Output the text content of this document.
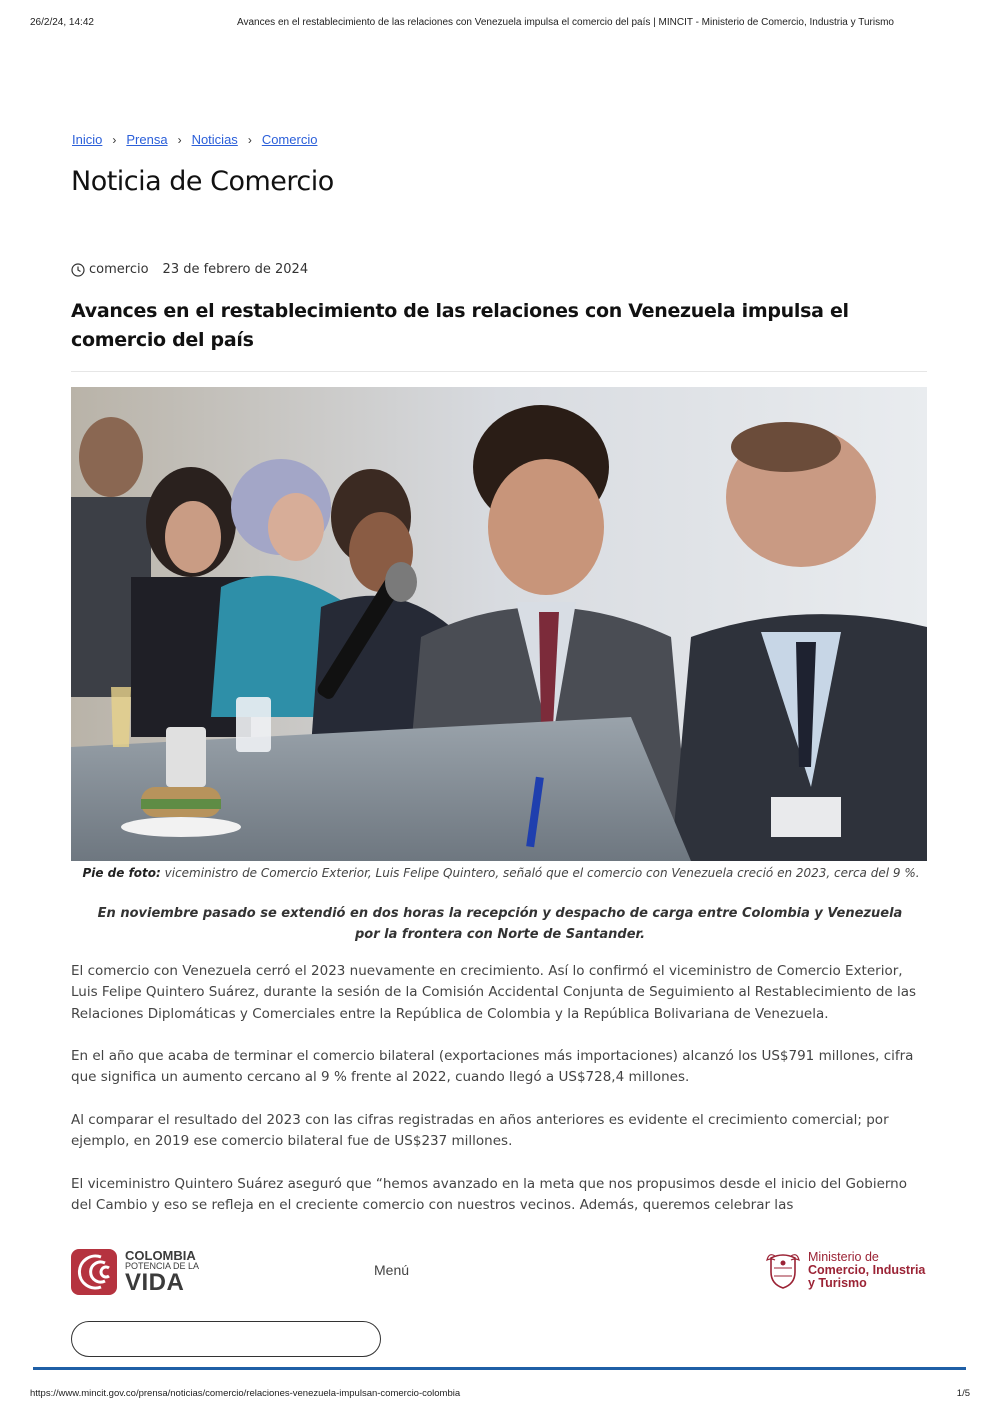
26/2/24, 14:42	Avances en el restablecimiento de las relaciones con Venezuela impulsa el comercio del país | MINCIT - Ministerio de Comercio, Industria y Turismo
Inicio › Prensa › Noticias › Comercio
Noticia de Comercio
comercio 23 de febrero de 2024
Avances en el restablecimiento de las relaciones con Venezuela impulsa el comercio del país
Pie de foto: viceministro de Comercio Exterior, Luis Felipe Quintero, señaló que el comercio con Venezuela creció en 2023, cerca del 9 %.

En noviembre pasado se extendió en dos horas la recepción y despacho de carga entre Colombia y Venezuela por la frontera con Norte de Santander.

El comercio con Venezuela cerró el 2023 nuevamente en crecimiento. Así lo confirmó el viceministro de Comercio Exterior, Luis Felipe Quintero Suárez, durante la sesión de la Comisión Accidental Conjunta de Seguimiento al Restablecimiento de las Relaciones Diplomáticas y Comerciales entre la República de Colombia y la República Bolivariana de Venezuela.

En el año que acaba de terminar el comercio bilateral (exportaciones más importaciones) alcanzó los US$791 millones, cifra que significa un aumento cercano al 9 % frente al 2022, cuando llegó a US$728,4 millones.

Al comparar el resultado del 2023 con las cifras registradas en años anteriores es evidente el crecimiento comercial; por ejemplo, en 2019 ese comercio bilateral fue de US$237 millones.

El viceministro Quintero Suárez aseguró que “hemos avanzado en la meta que nos propusimos desde el inicio del Gobierno del Cambio y eso se refleja en el creciente comercio con nuestros vecinos. Además, queremos celebrar las

COLOMBIA
POTENCIA DE LA
VIDA	Menú
Ministerio de
Comercio, Industria
y Turismo
https://www.mincit.gov.co/prensa/noticias/comercio/relaciones-venezuela-impulsan-comercio-colombia	1/5
